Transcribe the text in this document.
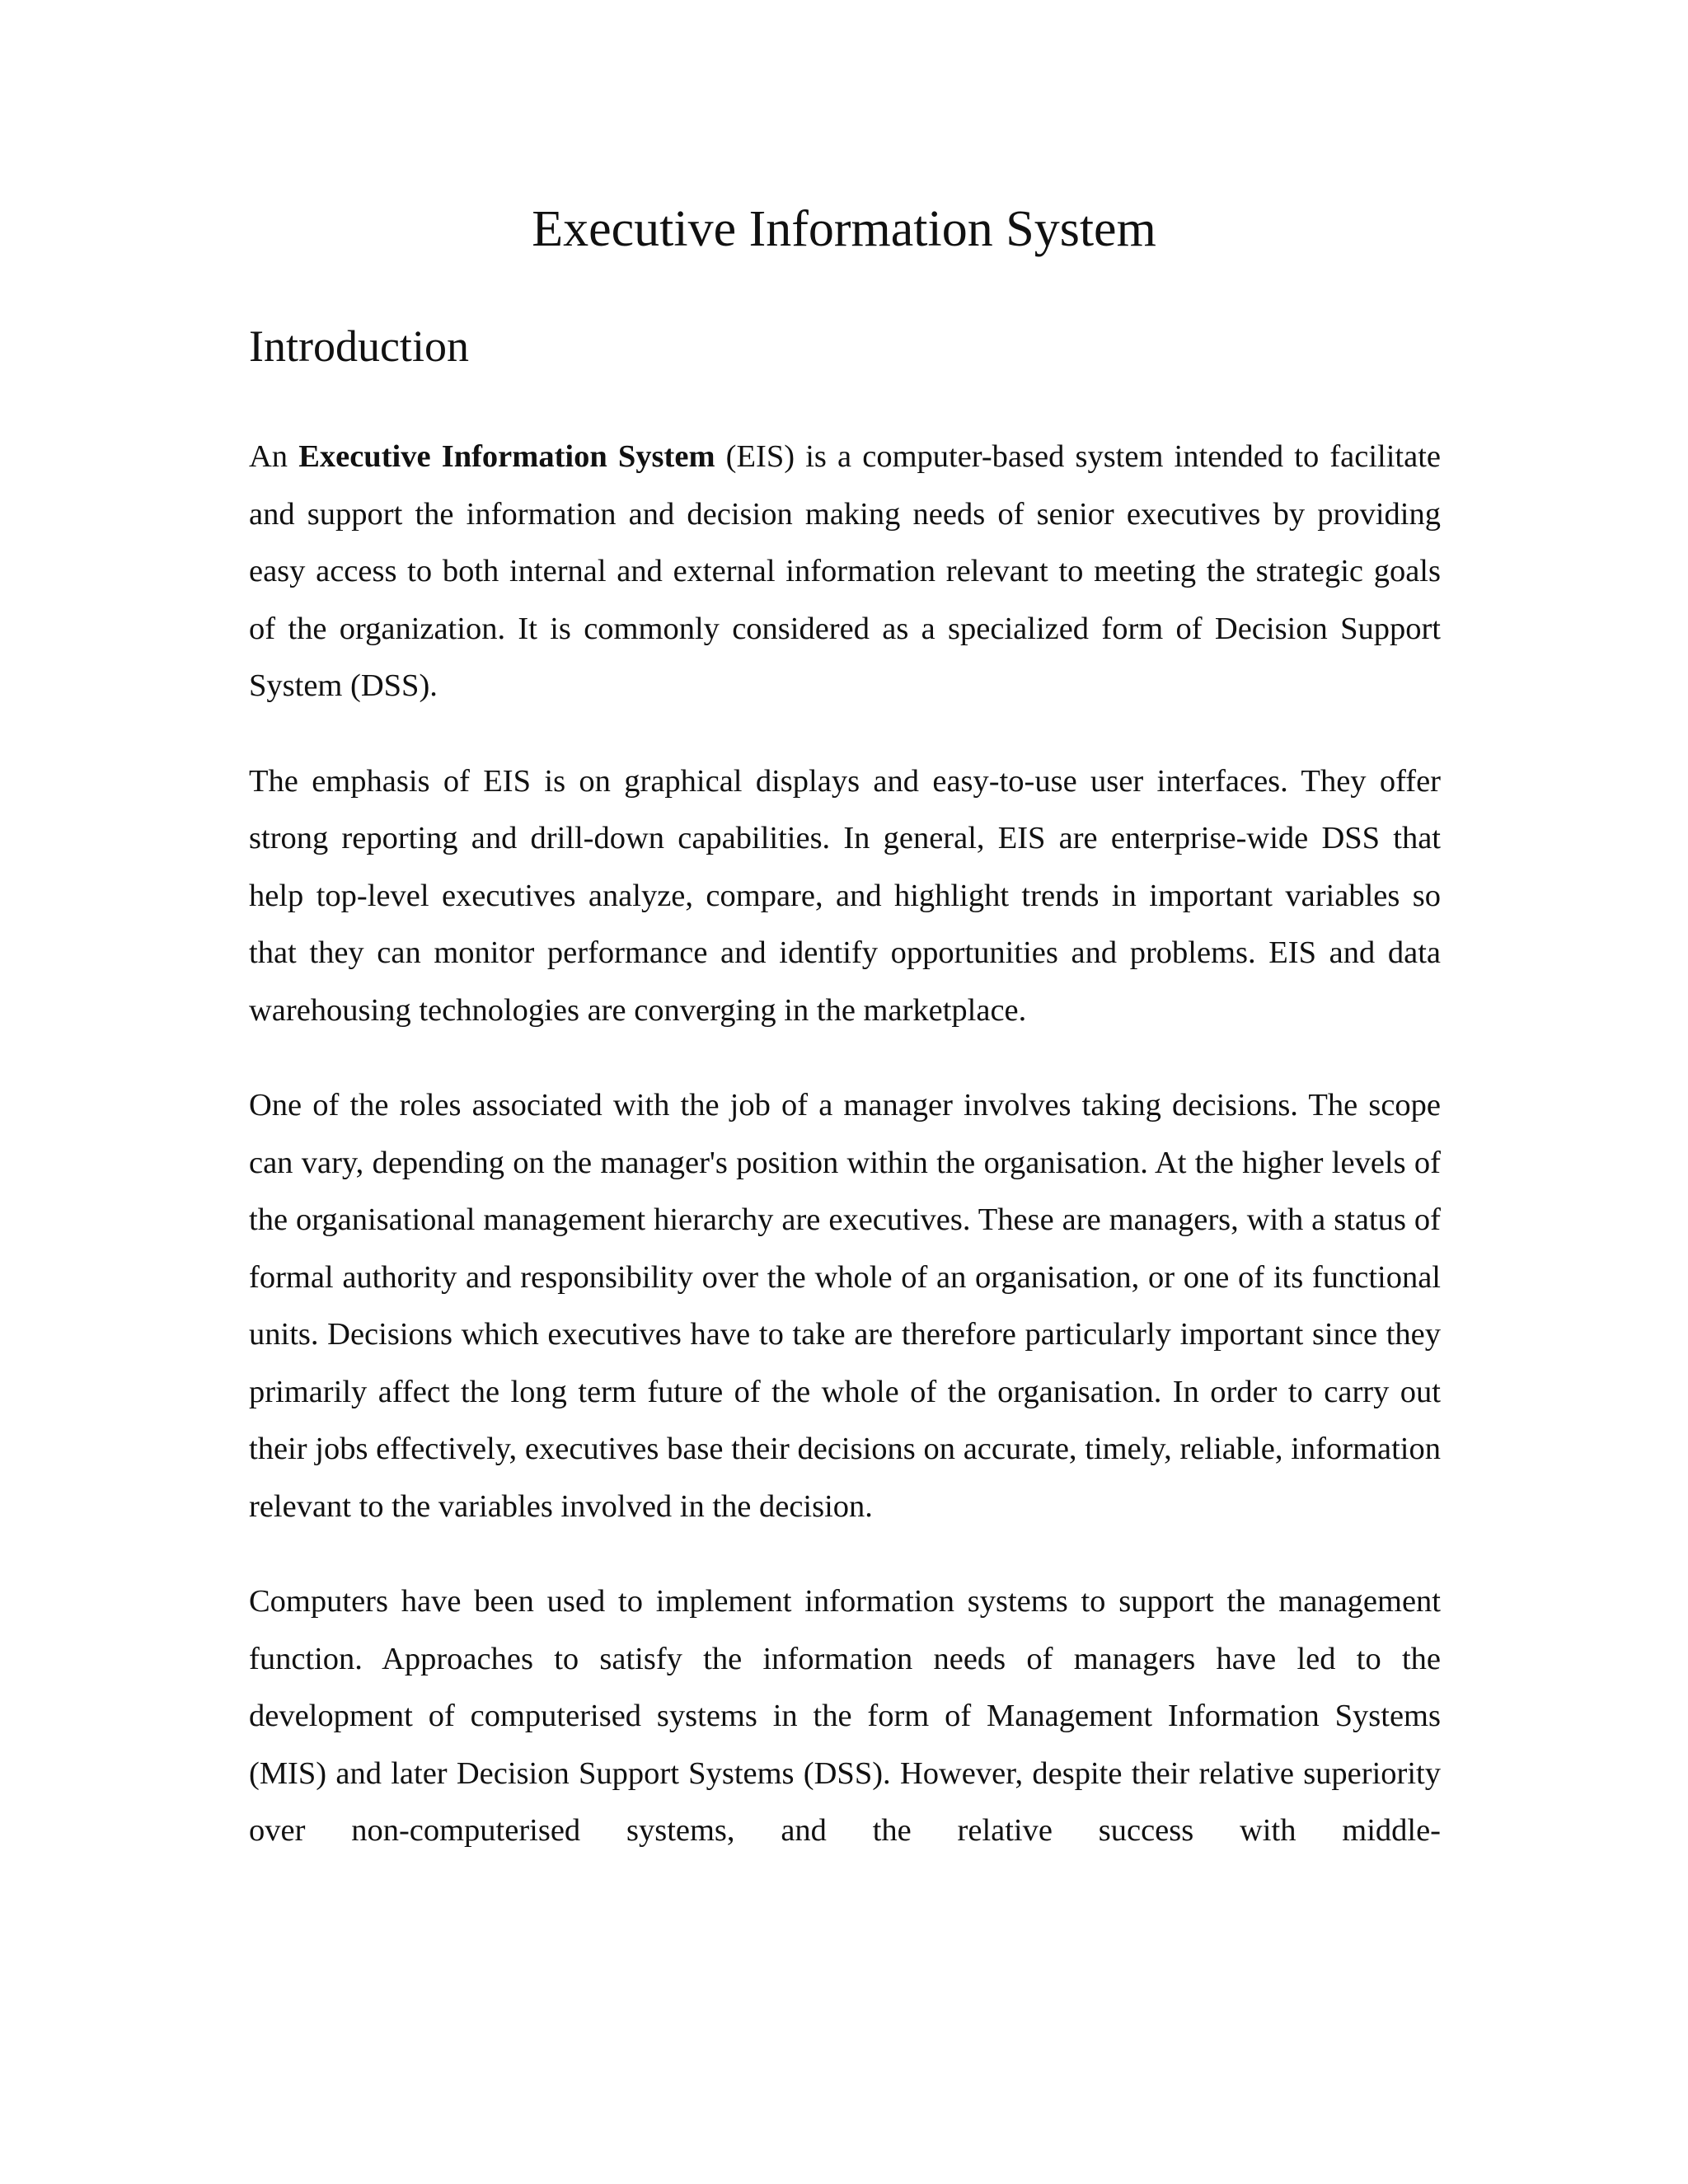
Executive Information System
Introduction

An Executive Information System (EIS) is a computer-based system intended to facilitate and support the information and decision making needs of senior executives by providing easy access to both internal and external information relevant to meeting the strategic goals of the organization. It is commonly considered as a specialized form of Decision Support System (DSS).

The emphasis of EIS is on graphical displays and easy-to-use user interfaces. They offer strong reporting and drill-down capabilities. In general, EIS are enterprise-wide DSS that help top-level executives analyze, compare, and highlight trends in important variables so that they can monitor performance and identify opportunities and problems. EIS and data warehousing technologies are converging in the marketplace.

One of the roles associated with the job of a manager involves taking decisions. The scope can vary, depending on the manager's position within the organisation. At the higher levels of the organisational management hierarchy are executives. These are managers, with a status of formal authority and responsibility over the whole of an organisation, or one of its functional units. Decisions which executives have to take are therefore particularly important since they primarily affect the long term future of the whole of the organisation. In order to carry out their jobs effectively, executives base their decisions on accurate, timely, reliable, information relevant to the variables involved in the decision.

Computers have been used to implement information systems to support the management function. Approaches to satisfy the information needs of managers have led to the development of computerised systems in the form of Management Information Systems (MIS) and later Decision Support Systems (DSS). However, despite their relative superiority over non-computerised systems, and the relative success with middle-
